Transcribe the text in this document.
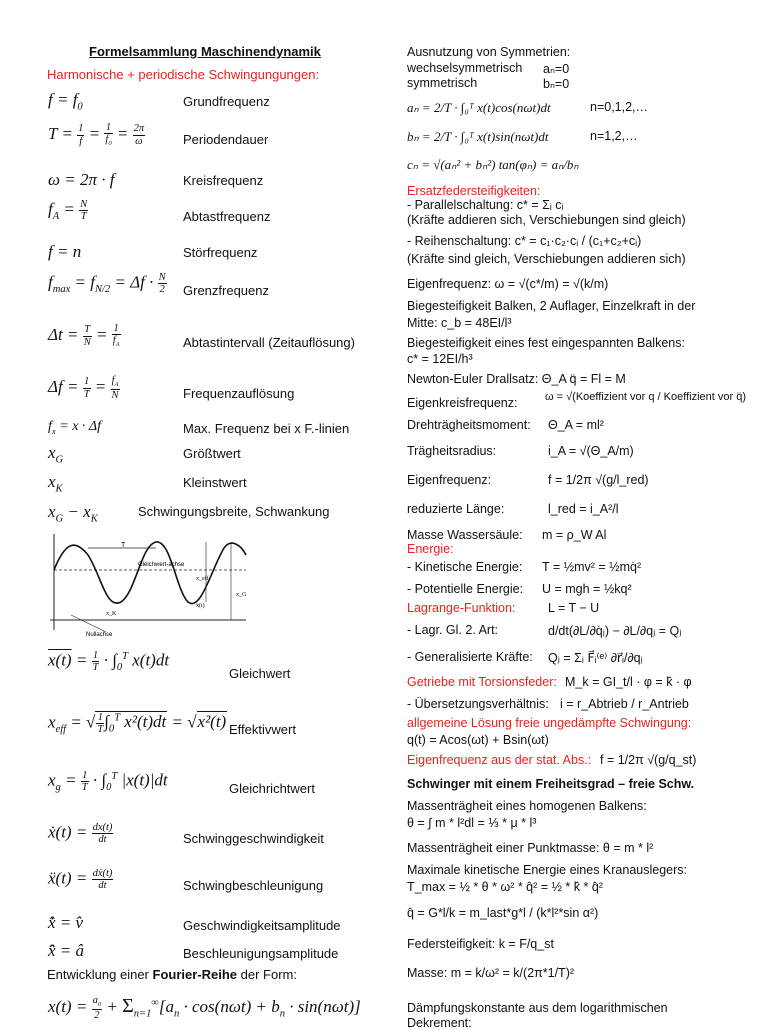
Formelsammlung Maschinendynamik
Harmonische + periodische Schwingungungen:
$f = f_0$	Grundfrequenz
$T = \frac{1}{f} = \frac{1}{f_0} = \frac{2\pi}{\omega}$	Periodendauer
ω = 2π · f	Kreisfrequenz
$f_A = \frac{N}{T}$	Abtastfrequenz
f = n	Störfrequenz
$f_{max} = f_{N/2} = \Delta f \cdot \frac{N}{2}$ Grenzfrequenz
$\Delta t = \frac{T}{N} = \frac{1}{f_A}$	Abtastintervall (Zeitauflösung)
$\Delta f = \frac{1}{T} = \frac{f_A}{N}$	Frequenzauflösung
$f_x = x \cdot \Delta f$	Max. Frequenz bei x F.-linien
$x_G$	Größtwert
$x_K$	Kleinstwert
$x_G - x_K$	Schwingungsbreite, Schwankung
T
Gleichwert-achse
Nullachse
x_G
x_K
x̄(t)
x_eff
$x(t) = \frac{1}{T} \cdot \int_0^T$ x(t)dt
Gleichwert
$x_{eff}$ = √ $\frac{1}{T} \int_0^T$ x²(t)dt = √x²(t) Effektivwert
$x_g = \frac{1}{T} \cdot \int_0^T$ |x(t)|dt	Gleichrichtwert
ẋ(t) = $\frac{dx(t)}{dt}$	Schwinggeschwindigkeit
ẍ(t) = $\frac{\text{dẋ(t)}}{dt}$	Schwingbeschleunigung
x̂̇ = v̂	Geschwindigkeitsamplitude
x̂̈ = â	Beschleunigungsamplitude
Entwicklung einer Fourier-Reihe der Form:
$x(t) = \frac{a_0}{2} + \Sigma_{n=1}^\infty[a_n \cdot \cos(n\omega t) + b_n \cdot \sin(n\omega t)]$
Ausnutzung von Symmetrien:
wechselsymmetrisch aₙ=0
symmetrisch	bₙ=0
aₙ = 2/T · ∫₀ᵀ x(t)cos(nωt)dt	n=0,1,2,…
bₙ = 2/T · ∫₀ᵀ x(t)sin(nωt)dt	n=1,2,…
cₙ = √(aₙ² + bₙ²) tan(φₙ) = aₙ/bₙ
Ersatzfedersteifigkeiten:
- Parallelschaltung: c* = Σᵢ cᵢ
(Kräfte addieren sich, Verschiebungen sind gleich)
- Reihenschaltung: c* = c₁·c₂·cᵢ / (c₁+c₂+cᵢ)
(Kräfte sind gleich, Verschiebungen addieren sich)
Eigenfrequenz: ω = √(c*/m) = √(k/m)
Biegesteifigkeit Balken, 2 Auflager, Einzelkraft in der
Mitte: c_b = 48EI/l³
Biegesteifigkeit eines fest eingespannten Balkens:
c* = 12EI/h³
Newton-Euler Drallsatz: Θ_A q̈ = Fl = M
Eigenkreisfrequenz:	ω = √(Koeffizient vor q / Koeffizient vor q̈)
Drehträgheitsmoment: Θ_A = ml²
Trägheitsradius:	i_A = √(Θ_A/m)
Eigenfrequenz:	f = 1/2π √(g/l_red)
reduzierte Länge:	l_red = i_A²/l
Masse Wassersäule: m = ρ_W Al
Energie:
- Kinetische Energie: T = ½mv² = ½mq̇²
- Potentielle Energie: U = mgh = ½kq²
Lagrange-Funktion:	L = T − U
- Lagr. Gl. 2. Art:	d/dt(∂L/∂q̇ⱼ) − ∂L/∂qⱼ = Qⱼ
- Generalisierte Kräfte: Qⱼ = Σᵢ F⃗ᵢ⁽ᵉ⁾ ∂r⃗ᵢ/∂qⱼ
Getriebe mit Torsionsfeder: M_k = GI_t/l · φ = k̂ · φ
- Übersetzungsverhältnis: i = r_Abtrieb / r_Antrieb
allgemeine Lösung freie ungedämpfte Schwingung:
q(t) = Acos(ωt) + Bsin(ωt)
Eigenfrequenz aus der stat. Abs.: f = 1/2π √(g/q_st)
Schwinger mit einem Freiheitsgrad – freie Schw.
Massenträgheit eines homogenen Balkens:
θ = ∫ m * l²dl = ⅓ * μ * l³
Massenträgheit einer Punktmasse: θ = m * l²
Maximale kinetische Energie eines Kranauslegers:
T_max = ½ * θ * ω² * q̂² = ½ * k̂ * q̂²
q̂ = G*l/k = m_last*g*l / (k*l²*sin α²)
Federsteifigkeit: k = F/q_st
Masse: m = k/ω² = k/(2π*1/T)²
Dämpfungskonstante aus dem logarithmischen
Dekrement:
